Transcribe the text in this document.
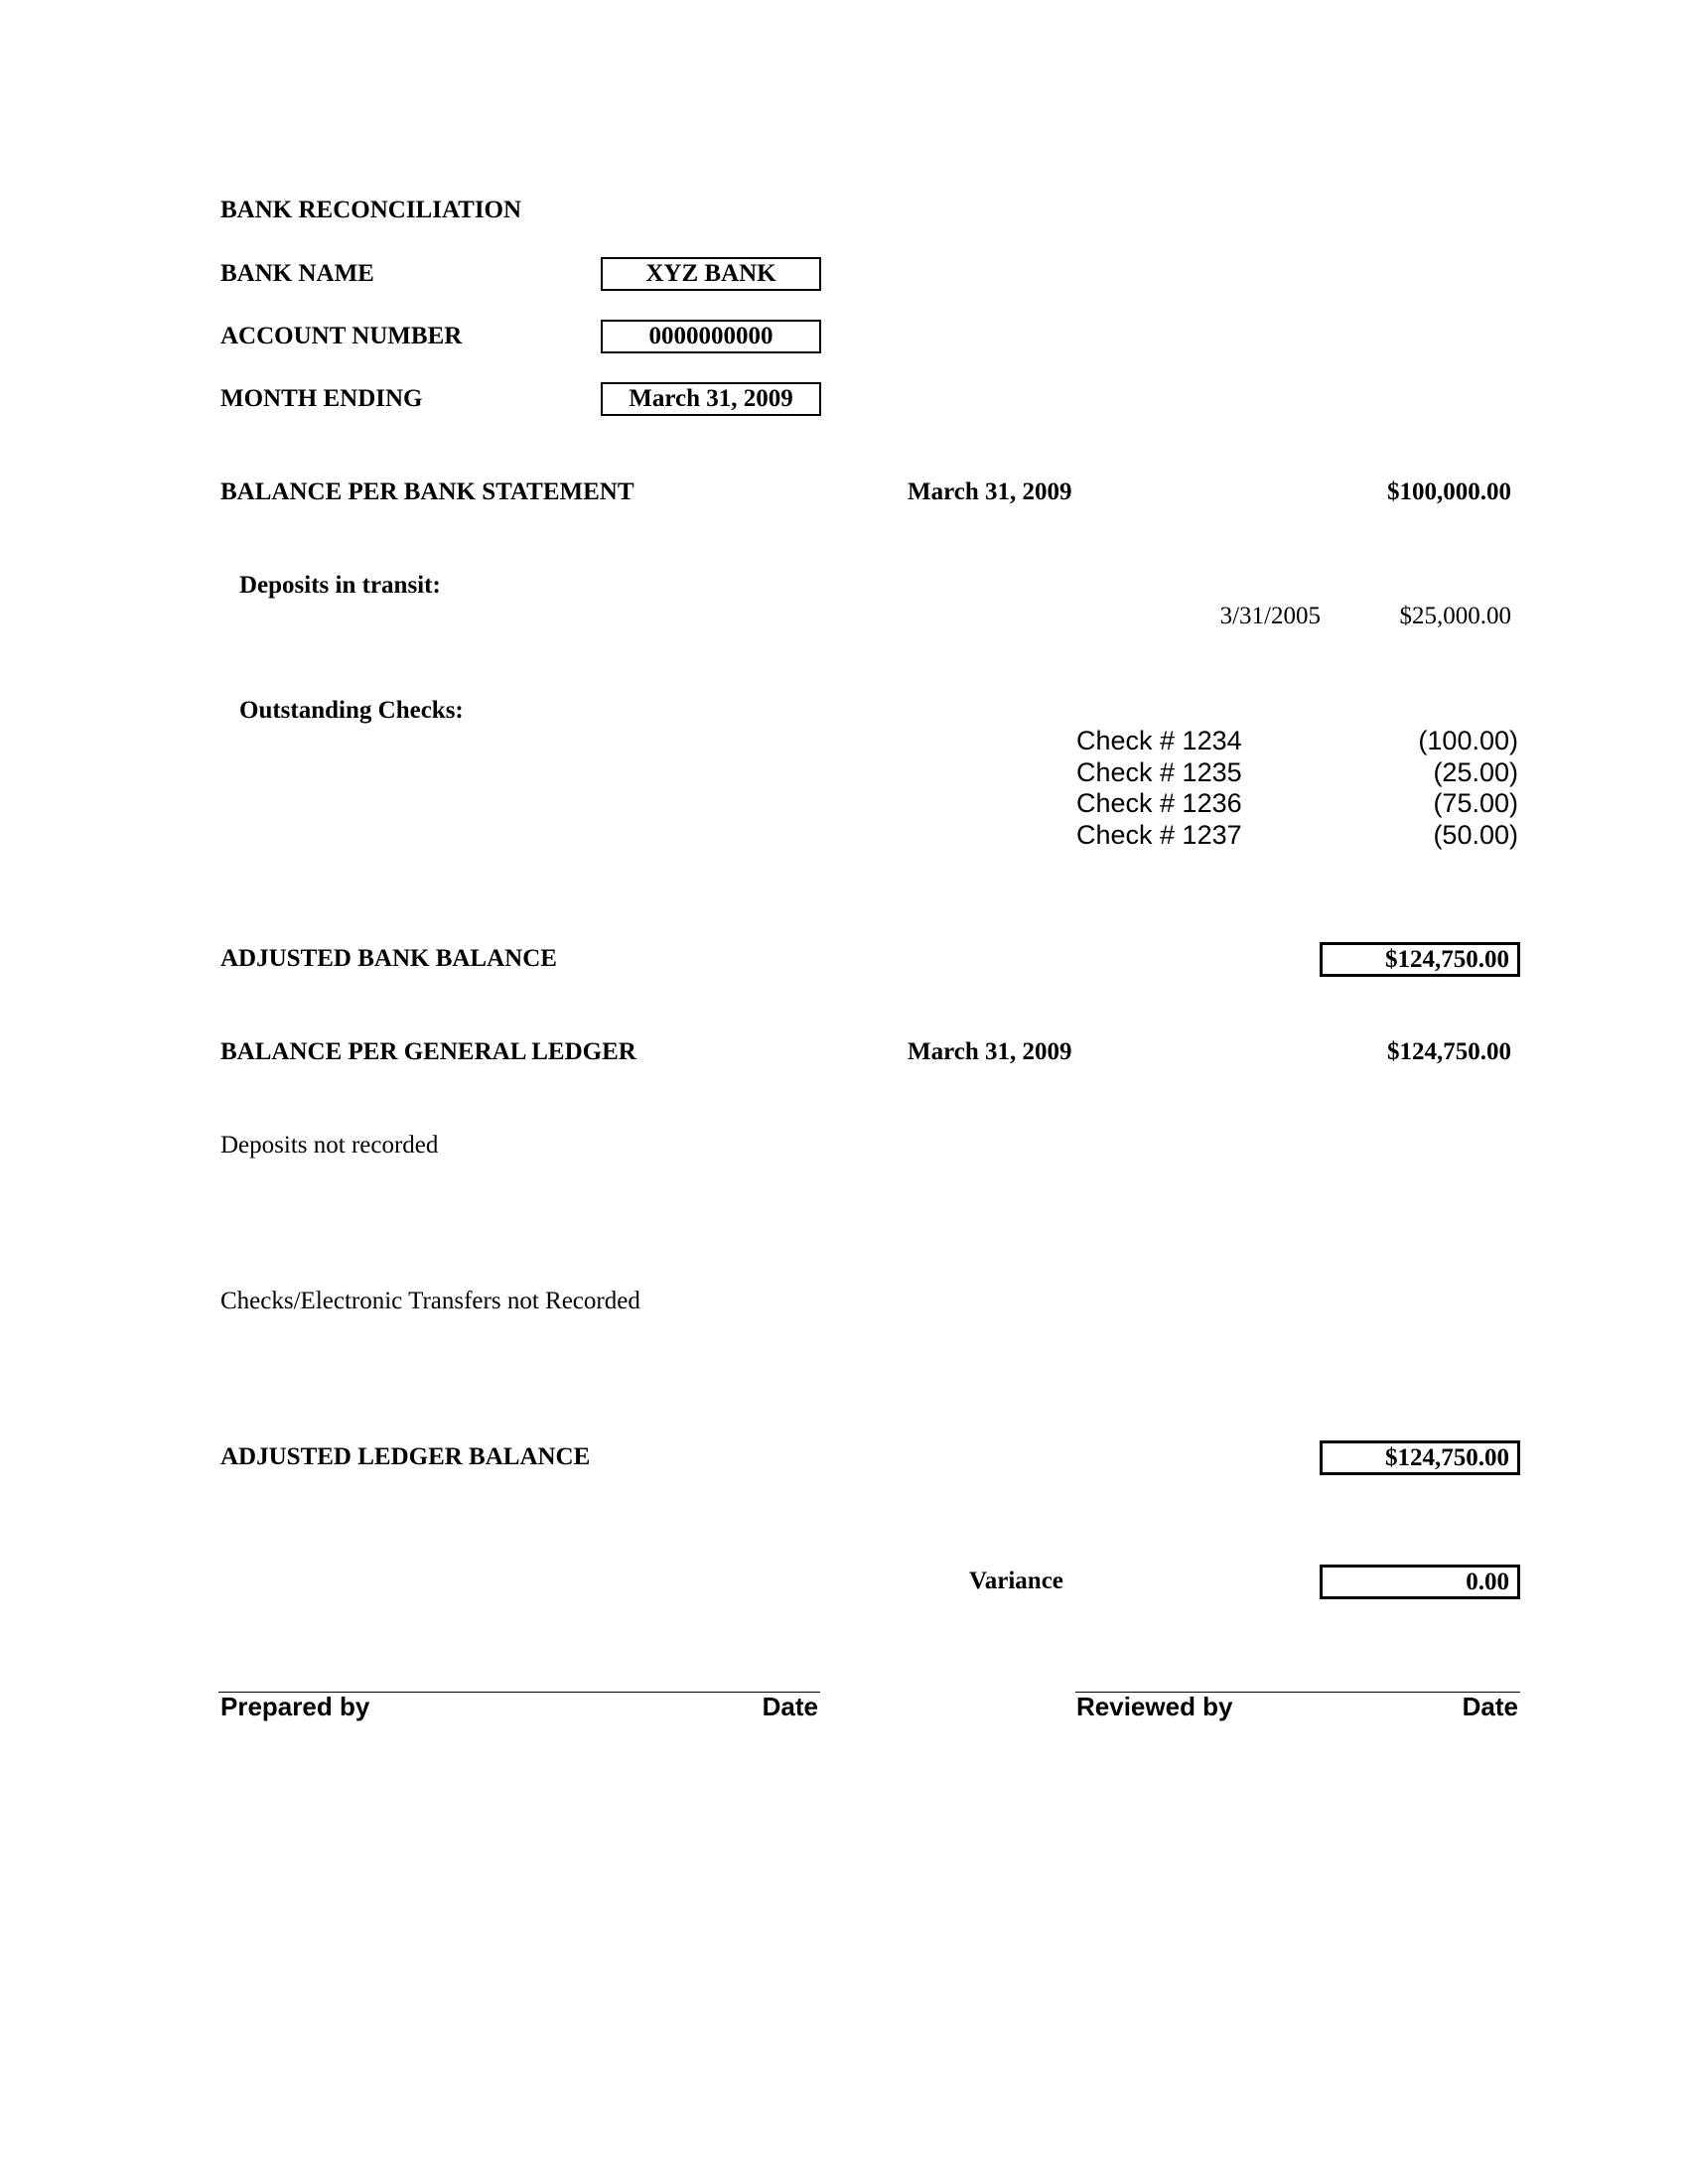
BANK RECONCILIATION
BANK NAME	XYZ BANK
ACCOUNT NUMBER	0000000000
MONTH ENDING	March 31, 2009
BALANCE PER BANK STATEMENT	March 31, 2009	$100,000.00
Deposits in transit:
3/31/2005	$25,000.00
Outstanding Checks:
Check # 1234	(100.00)
Check # 1235	(25.00)
Check # 1236	(75.00)
Check # 1237	(50.00)
ADJUSTED BANK BALANCE	$124,750.00
BALANCE PER GENERAL LEDGER	March 31, 2009	$124,750.00
Deposits not recorded
Checks/Electronic Transfers not Recorded
ADJUSTED LEDGER BALANCE	$124,750.00
Variance	0.00
Prepared by	Date	Reviewed by	Date
